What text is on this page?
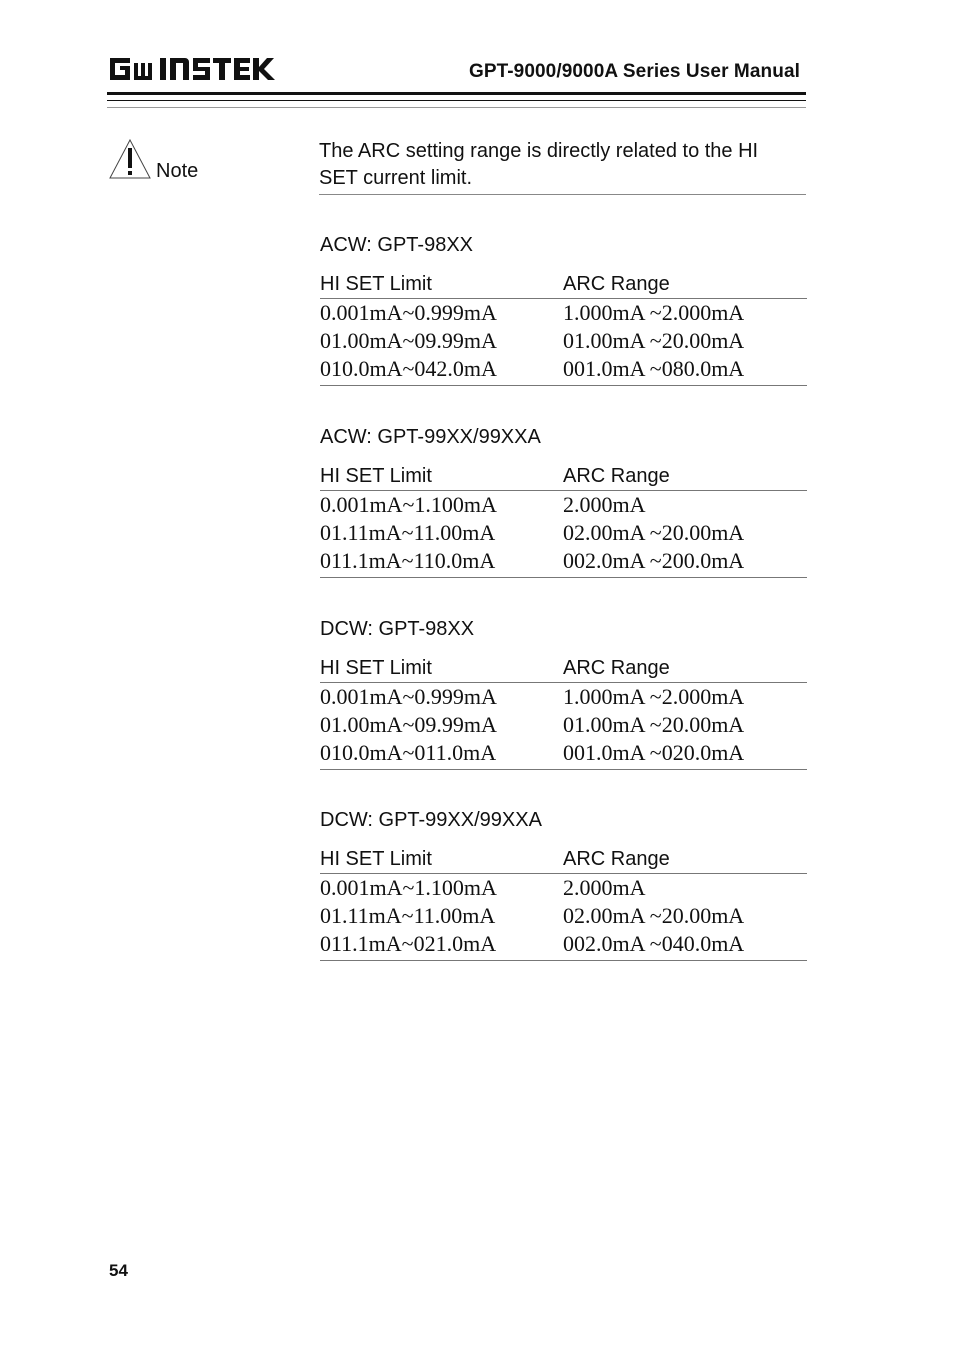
GPT-9000/9000A Series User Manual
Note
The ARC setting range is directly related to the HI SET current limit.
ACW: GPT-98XX
HI SET Limit	ARC Range
0.001mA~0.999mA	1.000mA ~2.000mA
01.00mA~09.99mA	01.00mA ~20.00mA
010.0mA~042.0mA	001.0mA ~080.0mA
ACW: GPT-99XX/99XXA
HI SET Limit	ARC Range
0.001mA~1.100mA	2.000mA
01.11mA~11.00mA	02.00mA ~20.00mA
011.1mA~110.0mA	002.0mA ~200.0mA
DCW: GPT-98XX
HI SET Limit	ARC Range
0.001mA~0.999mA	1.000mA ~2.000mA
01.00mA~09.99mA	01.00mA ~20.00mA
010.0mA~011.0mA	001.0mA ~020.0mA
DCW: GPT-99XX/99XXA
HI SET Limit	ARC Range
0.001mA~1.100mA	2.000mA
01.11mA~11.00mA	02.00mA ~20.00mA
011.1mA~021.0mA	002.0mA ~040.0mA
54
